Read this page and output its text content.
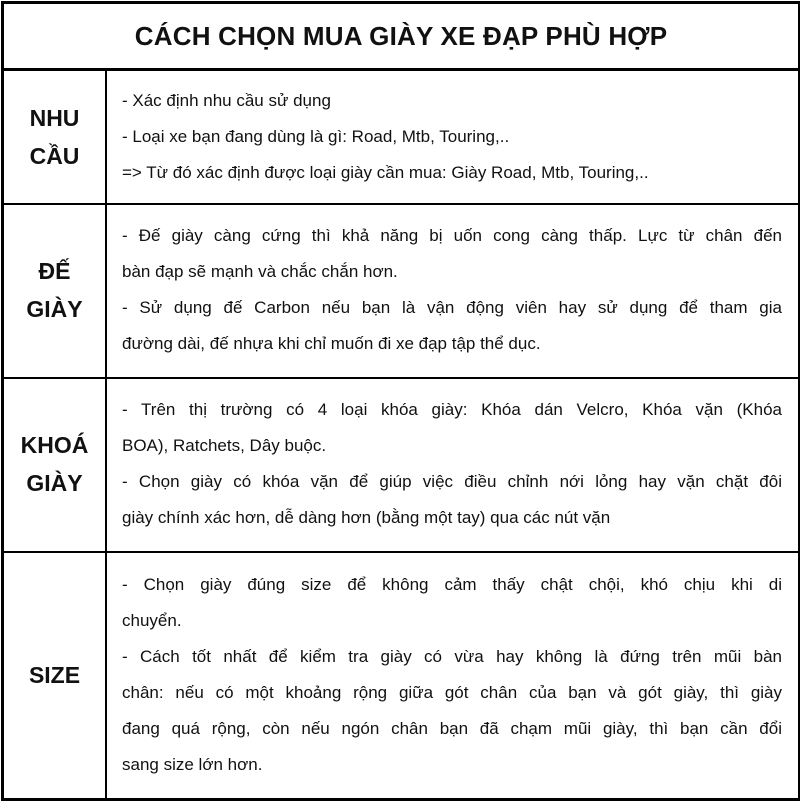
CÁCH CHỌN MUA GIÀY XE ĐẠP PHÙ HỢP
NHU
CẦU
- Xác định nhu cầu sử dụng
- Loại xe bạn đang dùng là gì: Road, Mtb, Touring,..
=> Từ đó xác định được loại giày cần mua: Giày Road, Mtb, Touring,..
ĐẾ
GIÀY
- Đế giày càng cứng thì khả năng bị uốn cong càng thấp. Lực từ chân đến
bàn đạp sẽ mạnh và chắc chắn hơn.
- Sử dụng đế Carbon nếu bạn là vận động viên hay sử dụng để tham gia
đường dài, đế nhựa khi chỉ muốn đi xe đạp tập thể dục.
KHOÁ
GIÀY
- Trên thị trường có 4 loại khóa giày: Khóa dán Velcro, Khóa vặn (Khóa
BOA), Ratchets, Dây buộc.
- Chọn giày có khóa vặn để giúp việc điều chỉnh nới lỏng hay vặn chặt đôi
giày chính xác hơn, dễ dàng hơn (bằng một tay) qua các nút vặn
SIZE
- Chọn giày đúng size để không cảm thấy chật chội, khó chịu khi di
chuyển.
- Cách tốt nhất để kiểm tra giày có vừa hay không là đứng trên mũi bàn
chân: nếu có một khoảng rộng giữa gót chân của bạn và gót giày, thì giày
đang quá rộng, còn nếu ngón chân bạn đã chạm mũi giày, thì bạn cần đổi
sang size lớn hơn.
